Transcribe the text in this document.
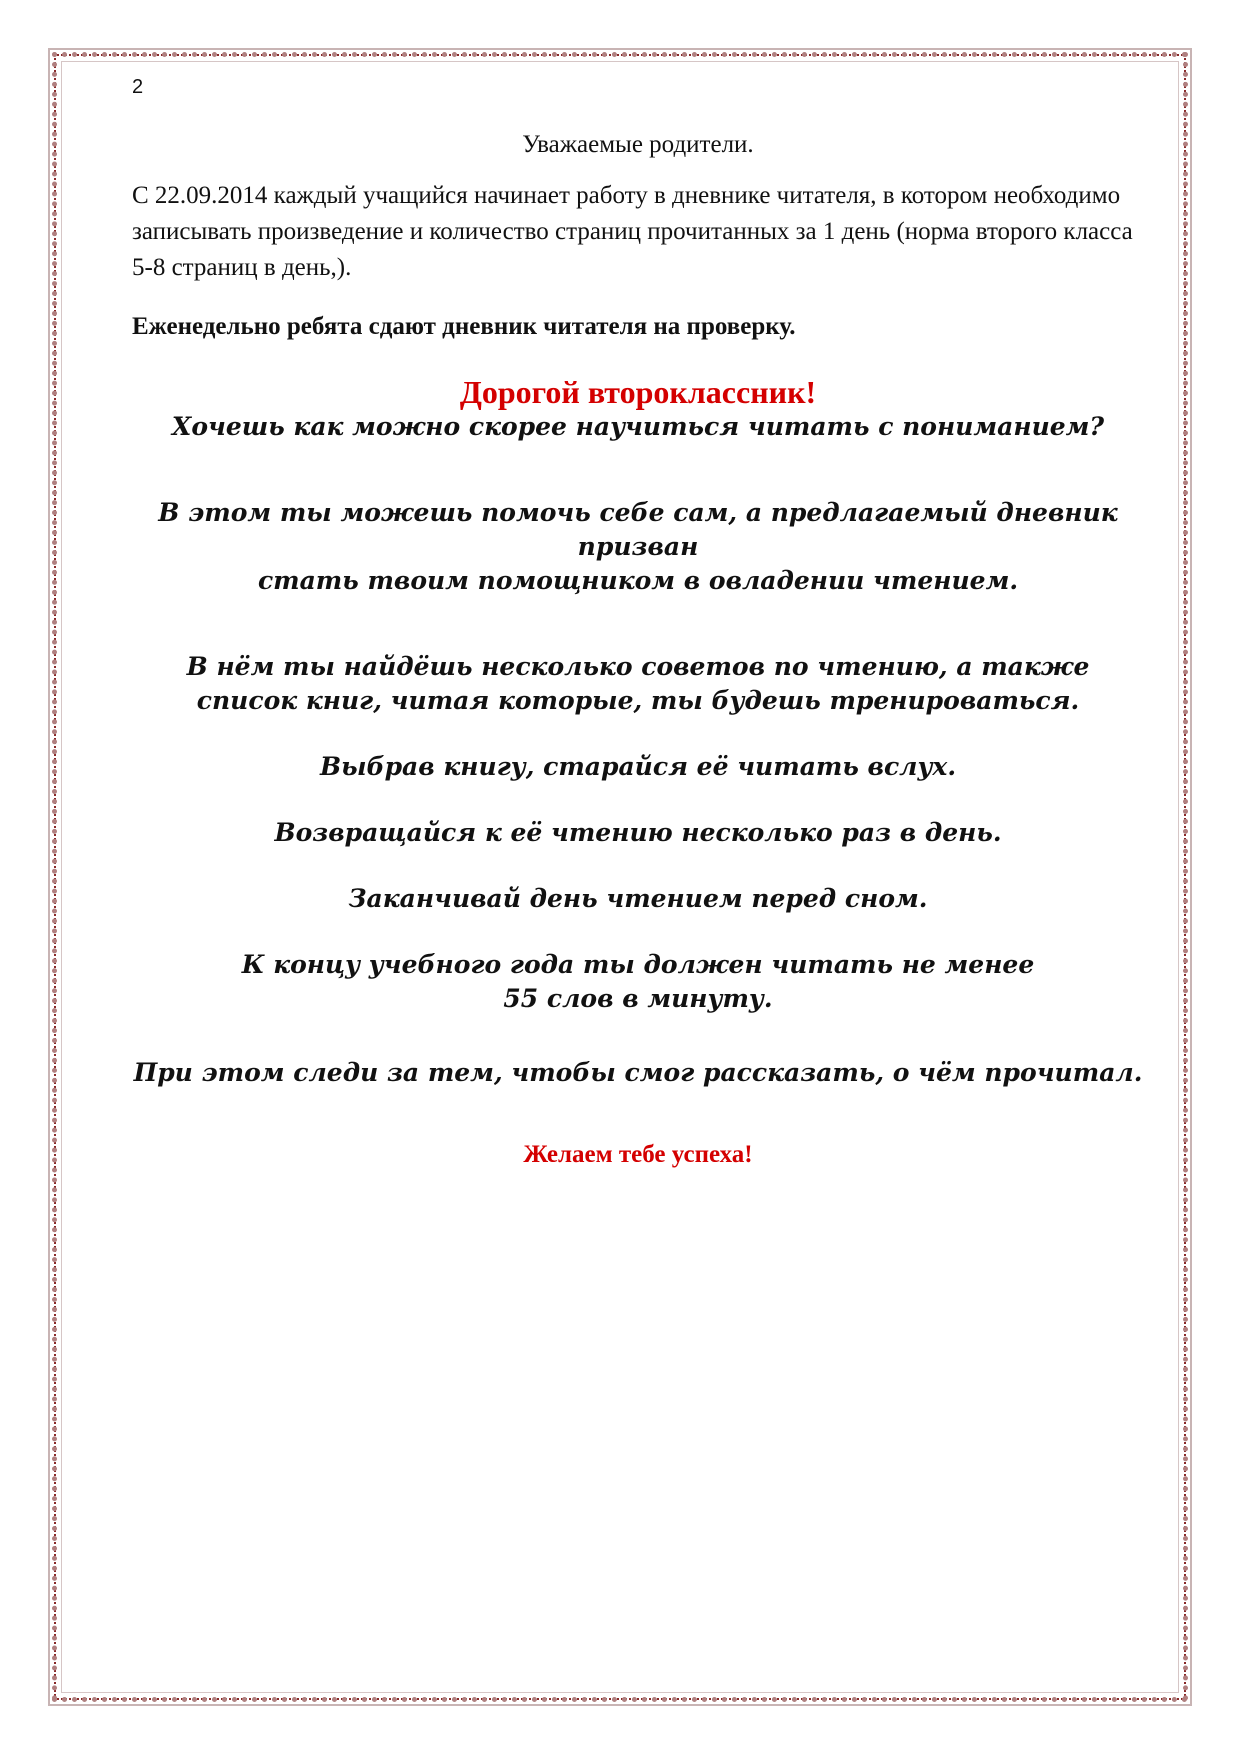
2

Уважаемые родители.

С 22.09.2014 каждый учащийся начинает работу в дневнике читателя, в котором необходимо записывать произведение и количество страниц прочитанных за 1 день (норма второго класса 5-8 страниц в день,).

Еженедельно ребята сдают дневник читателя на проверку.

Дорогой второклассник!

Хочешь как можно скорее научиться читать с пониманием?

В этом ты можешь помочь себе сам, а предлагаемый дневник призван
стать твоим помощником в овладении чтением.

В нём ты найдёшь несколько советов по чтению, а также
список книг, читая которые, ты будешь тренироваться.

Выбрав книгу, старайся её читать вслух.

Возвращайся к её чтению несколько раз в день.

Заканчивай день чтением перед сном.

К концу учебного года ты должен читать не менее
55 слов в минуту.

При этом следи за тем, чтобы смог рассказать, о чём прочитал.

Желаем тебе успеха!
